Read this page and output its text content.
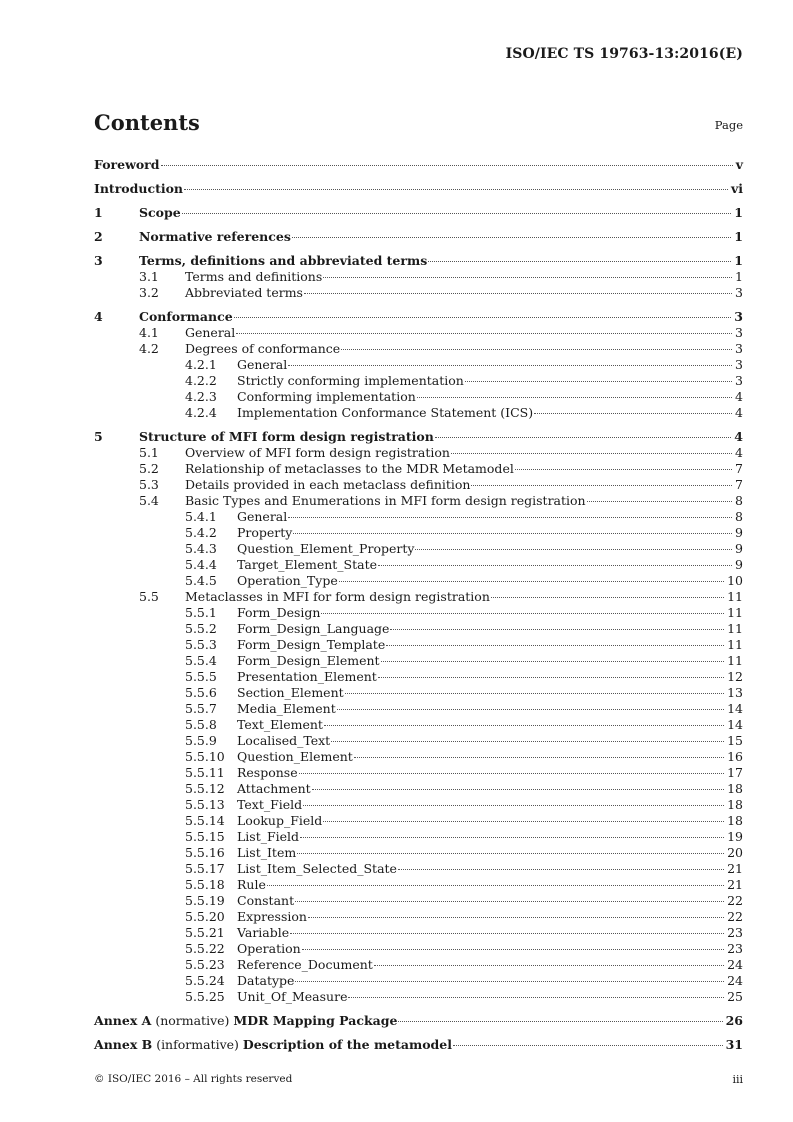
ISO/IEC TS 19763-13:2016(E)
Contents	Page
Foreword	v
Introduction	vi
1	Scope	1
2	Normative references	1
3	Terms, definitions and abbreviated terms	1
3.1 Terms and definitions	1
3.2 Abbreviated terms	3
4	Conformance	3
4.1 General	3
4.2 Degrees of conformance	3
4.2.1 General	3
4.2.2 Strictly conforming implementation	3
4.2.3 Conforming implementation	4
4.2.4 Implementation Conformance Statement (ICS)	4
5	Structure of MFI form design registration	4
5.1 Overview of MFI form design registration	4
5.2 Relationship of metaclasses to the MDR Metamodel	7
5.3 Details provided in each metaclass definition	7
5.4 Basic Types and Enumerations in MFI form design registration	8
5.4.1 General	8
5.4.2 Property	9
5.4.3 Question_Element_Property	9
5.4.4 Target_Element_State	9
5.4.5 Operation_Type	10
5.5 Metaclasses in MFI for form design registration	11
5.5.1 Form_Design	11
5.5.2 Form_Design_Language	11
5.5.3 Form_Design_Template	11
5.5.4 Form_Design_Element	11
5.5.5 Presentation_Element	12
5.5.6 Section_Element	13
5.5.7 Media_Element	14
5.5.8 Text_Element	14
5.5.9 Localised_Text	15
5.5.10 Question_Element	16
5.5.11 Response	17
5.5.12 Attachment	18
5.5.13 Text_Field	18
5.5.14 Lookup_Field	18
5.5.15 List_Field	19
5.5.16 List_Item	20
5.5.17 List_Item_Selected_State	21
5.5.18 Rule	21
5.5.19 Constant	22
5.5.20 Expression	22
5.5.21 Variable	23
5.5.22 Operation	23
5.5.23 Reference_Document	24
5.5.24 Datatype	24
5.5.25 Unit_Of_Measure	25
Annex A (normative) MDR Mapping Package	26
Annex B (informative) Description of the metamodel	31
© ISO/IEC 2016 – All rights reserved	iii
